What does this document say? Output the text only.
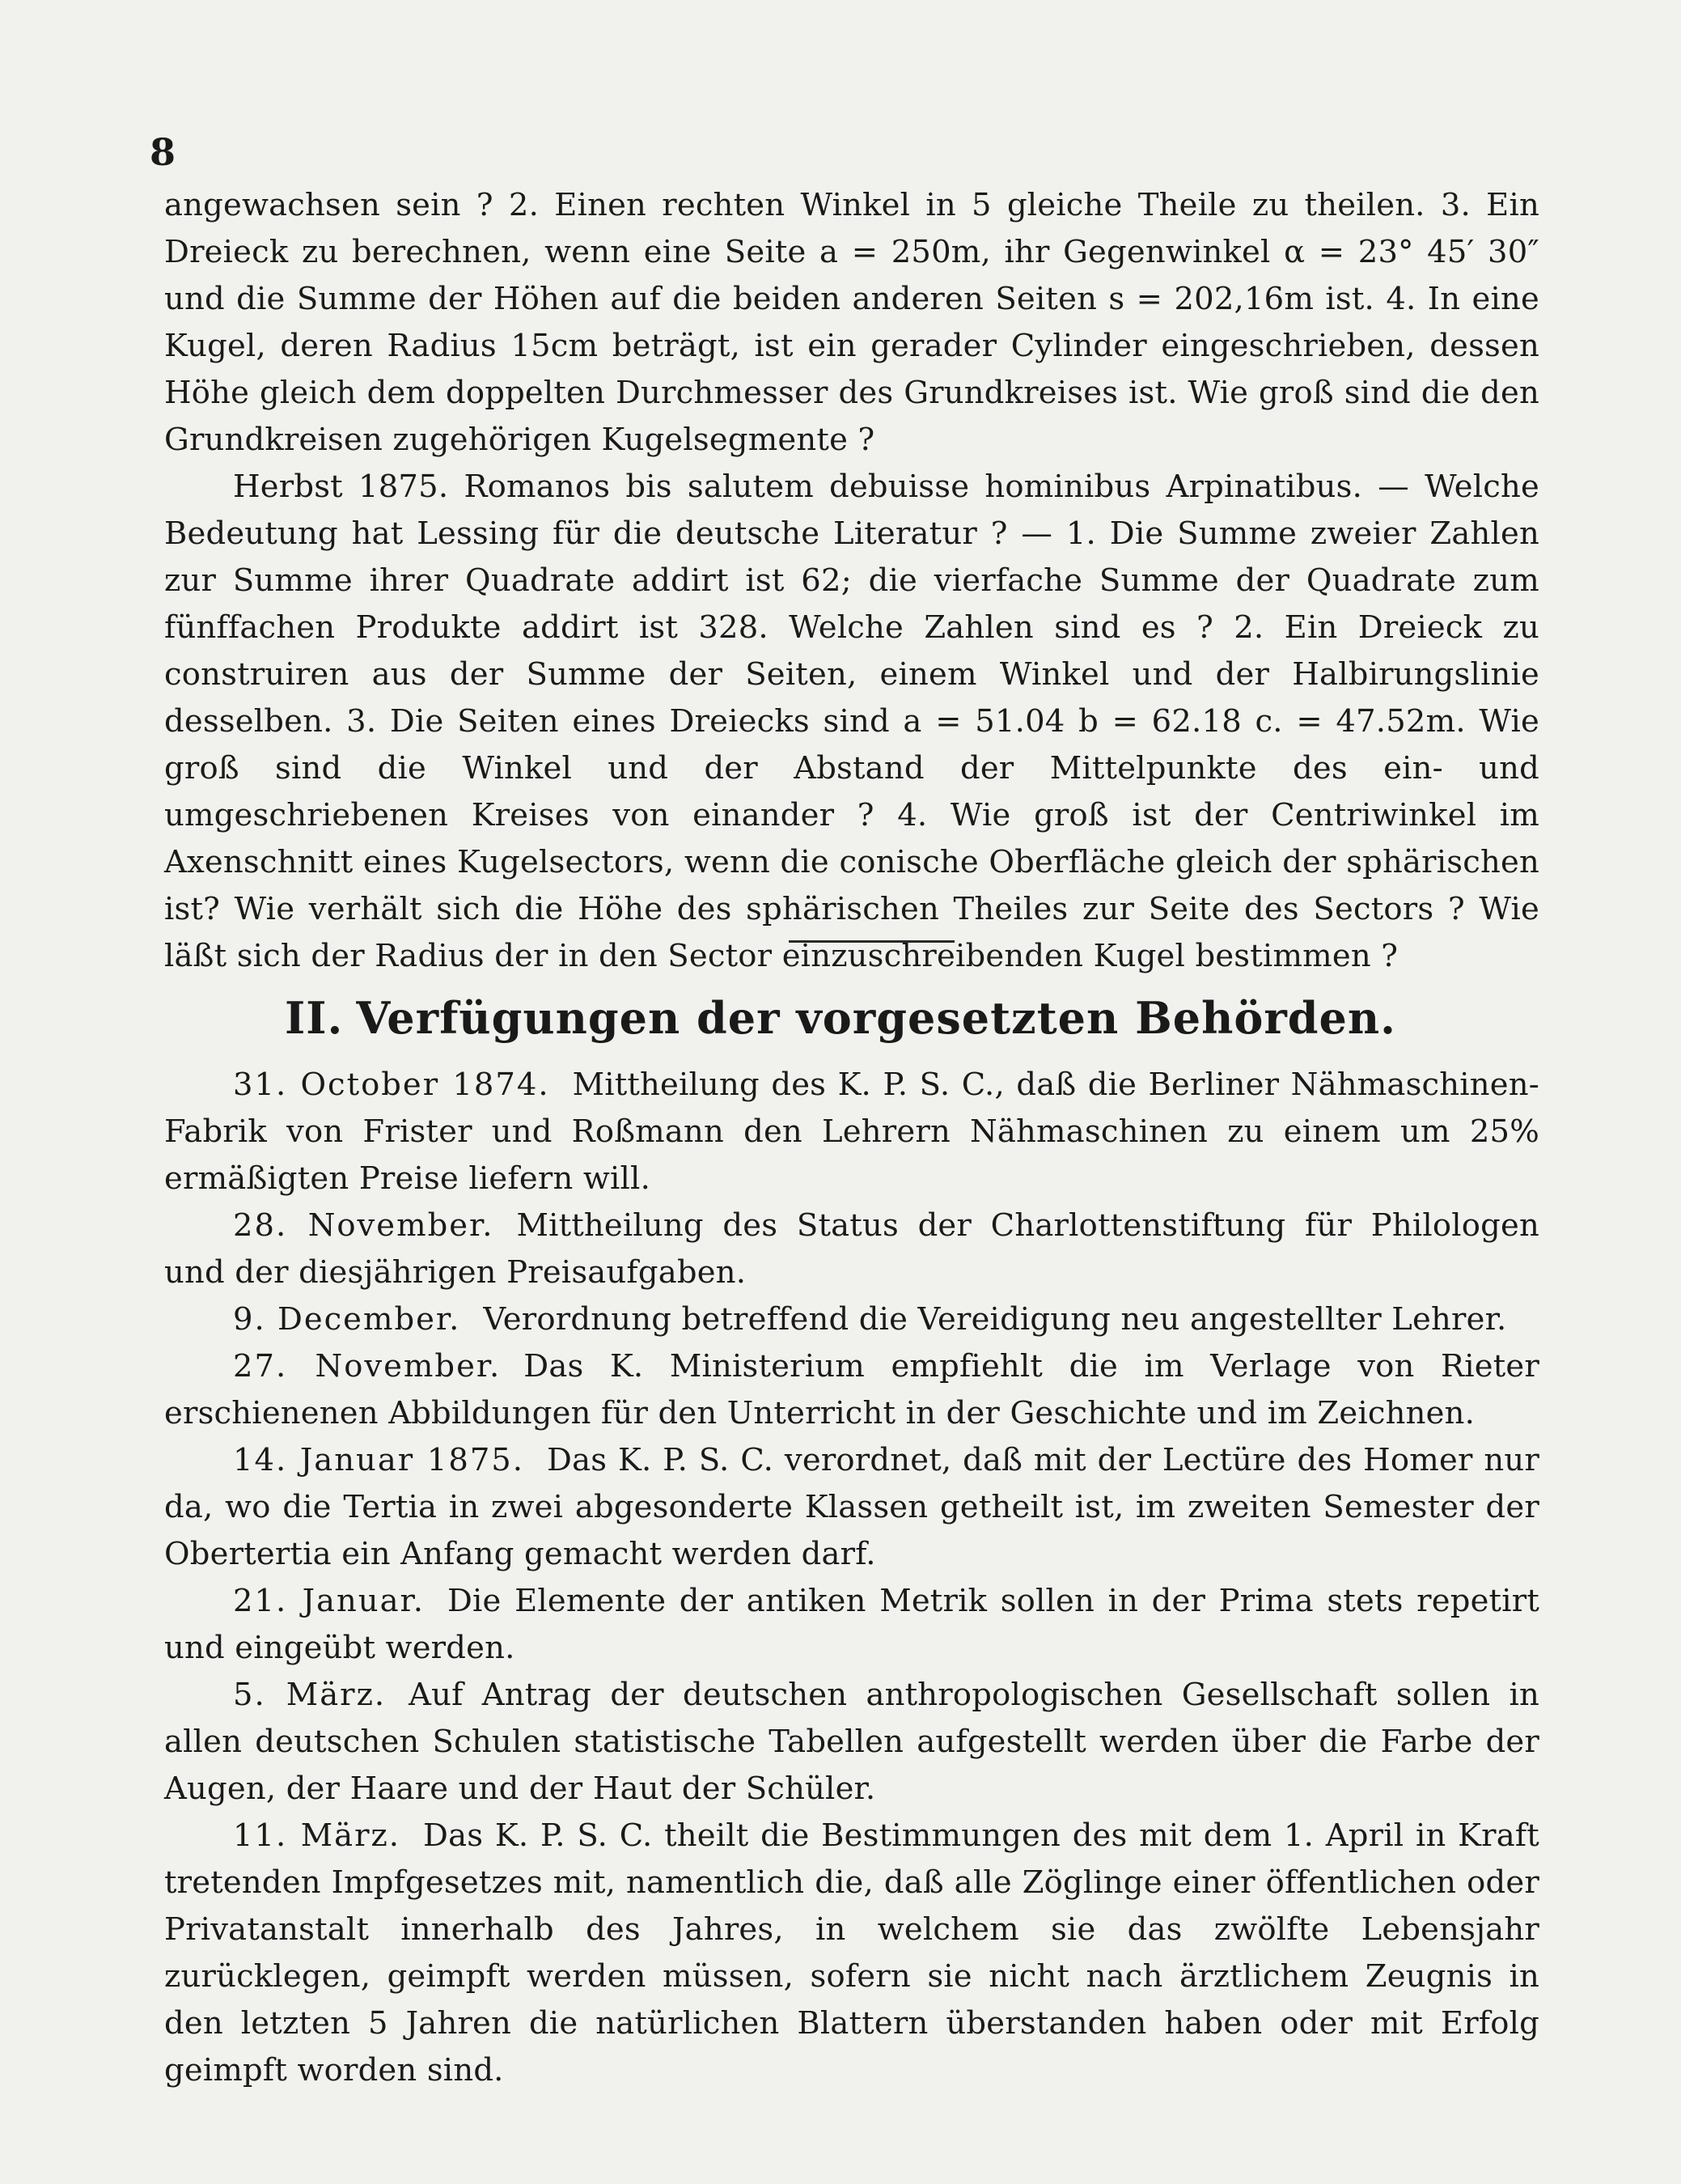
8

angewachsen sein ? 2. Einen rechten Winkel in 5 gleiche Theile zu theilen. 3. Ein Dreieck zu berechnen, wenn eine Seite a = 250m, ihr Gegenwinkel α = 23° 45′ 30″ und die Summe der Höhen auf die beiden anderen Seiten s = 202,16m ist. 4. In eine Kugel, deren Radius 15cm beträgt, ist ein gerader Cylinder eingeschrieben, dessen Höhe gleich dem doppelten Durchmesser des Grundkreises ist. Wie groß sind die den Grundkreisen zugehörigen Kugelsegmente ?

Herbst 1875. Romanos bis salutem debuisse hominibus Arpinatibus. — Welche Bedeutung hat Lessing für die deutsche Literatur ? — 1. Die Summe zweier Zahlen zur Summe ihrer Quadrate addirt ist 62; die vierfache Summe der Quadrate zum fünffachen Produkte addirt ist 328. Welche Zahlen sind es ? 2. Ein Dreieck zu construiren aus der Summe der Seiten, einem Winkel und der Halbirungslinie desselben. 3. Die Seiten eines Dreiecks sind a = 51.04 b = 62.18 c. = 47.52m. Wie groß sind die Winkel und der Abstand der Mittelpunkte des ein- und umgeschriebenen Kreises von einander ? 4. Wie groß ist der Centriwinkel im Axenschnitt eines Kugelsectors, wenn die conische Oberfläche gleich der sphärischen ist? Wie verhält sich die Höhe des sphärischen Theiles zur Seite des Sectors ? Wie läßt sich der Radius der in den Sector einzuschreibenden Kugel bestimmen ?

II. Verfügungen der vorgesetzten Behörden.

31. October 1874. Mittheilung des K. P. S. C., daß die Berliner Nähmaschinen-Fabrik von Frister und Roßmann den Lehrern Nähmaschinen zu einem um 25% ermäßigten Preise liefern will.

28. November. Mittheilung des Status der Charlottenstiftung für Philologen und der diesjährigen Preisaufgaben.

9. December. Verordnung betreffend die Vereidigung neu angestellter Lehrer.

27. November. Das K. Ministerium empfiehlt die im Verlage von Rieter erschienenen Abbildungen für den Unterricht in der Geschichte und im Zeichnen.

14. Januar 1875. Das K. P. S. C. verordnet, daß mit der Lectüre des Homer nur da, wo die Tertia in zwei abgesonderte Klassen getheilt ist, im zweiten Semester der Obertertia ein Anfang gemacht werden darf.

21. Januar. Die Elemente der antiken Metrik sollen in der Prima stets repetirt und eingeübt werden.

5. März. Auf Antrag der deutschen anthropologischen Gesellschaft sollen in allen deutschen Schulen statistische Tabellen aufgestellt werden über die Farbe der Augen, der Haare und der Haut der Schüler.

11. März. Das K. P. S. C. theilt die Bestimmungen des mit dem 1. April in Kraft tretenden Impfgesetzes mit, namentlich die, daß alle Zöglinge einer öffentlichen oder Privatanstalt innerhalb des Jahres, in welchem sie das zwölfte Lebensjahr zurücklegen, geimpft werden müssen, sofern sie nicht nach ärztlichem Zeugnis in den letzten 5 Jahren die natürlichen Blattern überstanden haben oder mit Erfolg geimpft worden sind.
